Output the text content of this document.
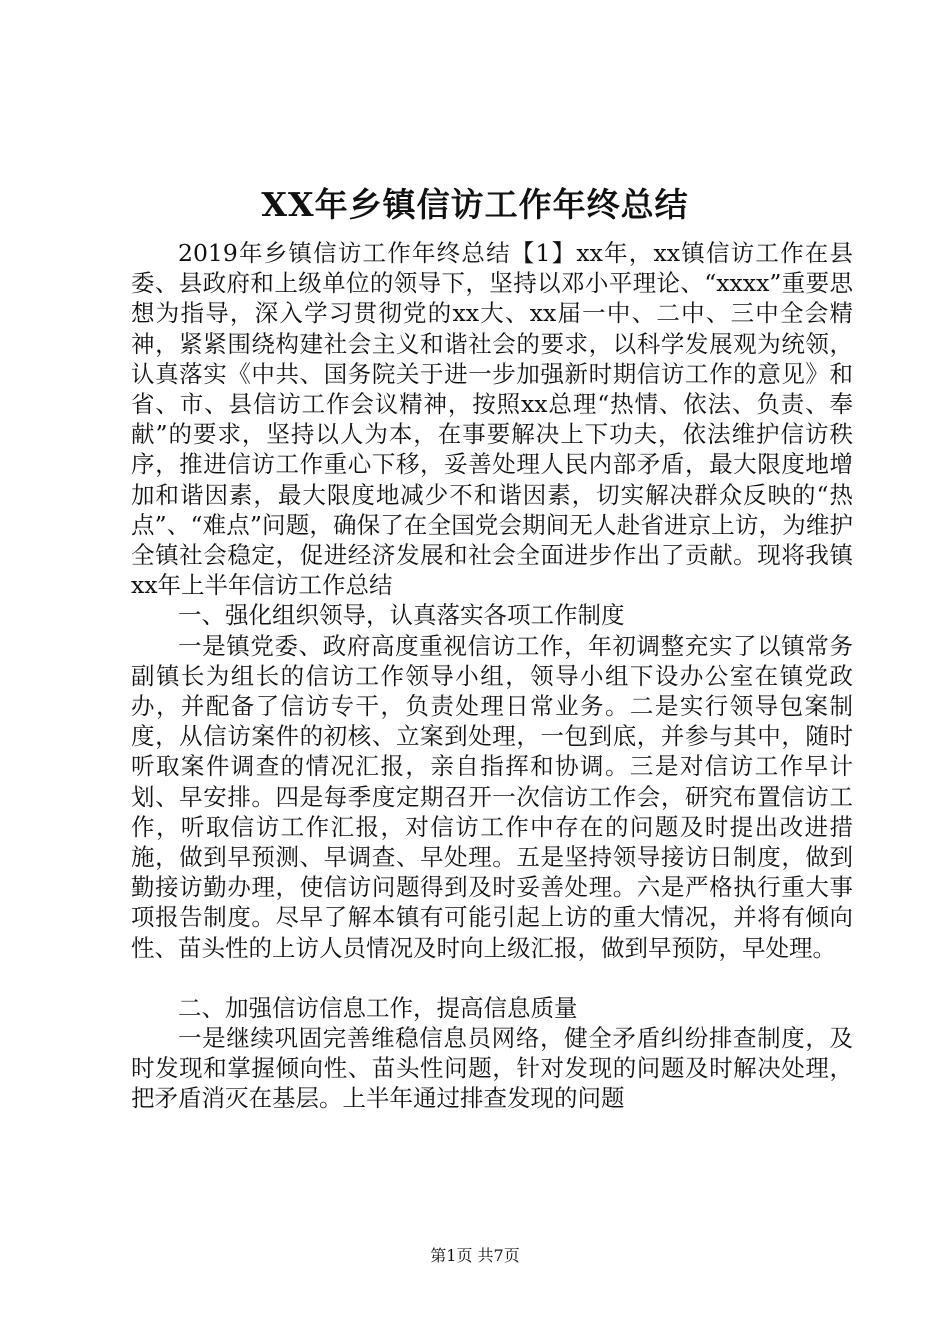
XX年乡镇信访工作年终总结

2019年乡镇信访工作年终总结【1】xx年，xx镇信访工作在县委、县政府和上级单位的领导下，坚持以邓小平理论、“xxxx”重要思想为指导，深入学习贯彻党的xx大、xx届一中、二中、三中全会精神，紧紧围绕构建社会主义和谐社会的要求，以科学发展观为统领，认真落实《中共、国务院关于进一步加强新时期信访工作的意见》和省、市、县信访工作会议精神，按照xx总理“热情、依法、负责、奉献”的要求，坚持以人为本，在事要解决上下功夫，依法维护信访秩序，推进信访工作重心下移，妥善处理人民内部矛盾，最大限度地增加和谐因素，最大限度地减少不和谐因素，切实解决群众反映的“热点”、“难点”问题，确保了在全国党会期间无人赴省进京上访，为维护全镇社会稳定，促进经济发展和社会全面进步作出了贡献。现将我镇xx年上半年信访工作总结

一、强化组织领导，认真落实各项工作制度

一是镇党委、政府高度重视信访工作，年初调整充实了以镇常务副镇长为组长的信访工作领导小组，领导小组下设办公室在镇党政办，并配备了信访专干，负责处理日常业务。二是实行领导包案制度，从信访案件的初核、立案到处理，一包到底，并参与其中，随时听取案件调查的情况汇报，亲自指挥和协调。三是对信访工作早计划、早安排。四是每季度定期召开一次信访工作会，研究布置信访工作，听取信访工作汇报，对信访工作中存在的问题及时提出改进措施，做到早预测、早调查、早处理。五是坚持领导接访日制度，做到勤接访勤办理，使信访问题得到及时妥善处理。六是严格执行重大事项报告制度。尽早了解本镇有可能引起上访的重大情况，并将有倾向性、苗头性的上访人员情况及时向上级汇报，做到早预防，早处理。

二、加强信访信息工作，提高信息质量

一是继续巩固完善维稳信息员网络，健全矛盾纠纷排查制度，及时发现和掌握倾向性、苗头性问题，针对发现的问题及时解决处理，把矛盾消灭在基层。上半年通过排查发现的问题

第1页 共7页
